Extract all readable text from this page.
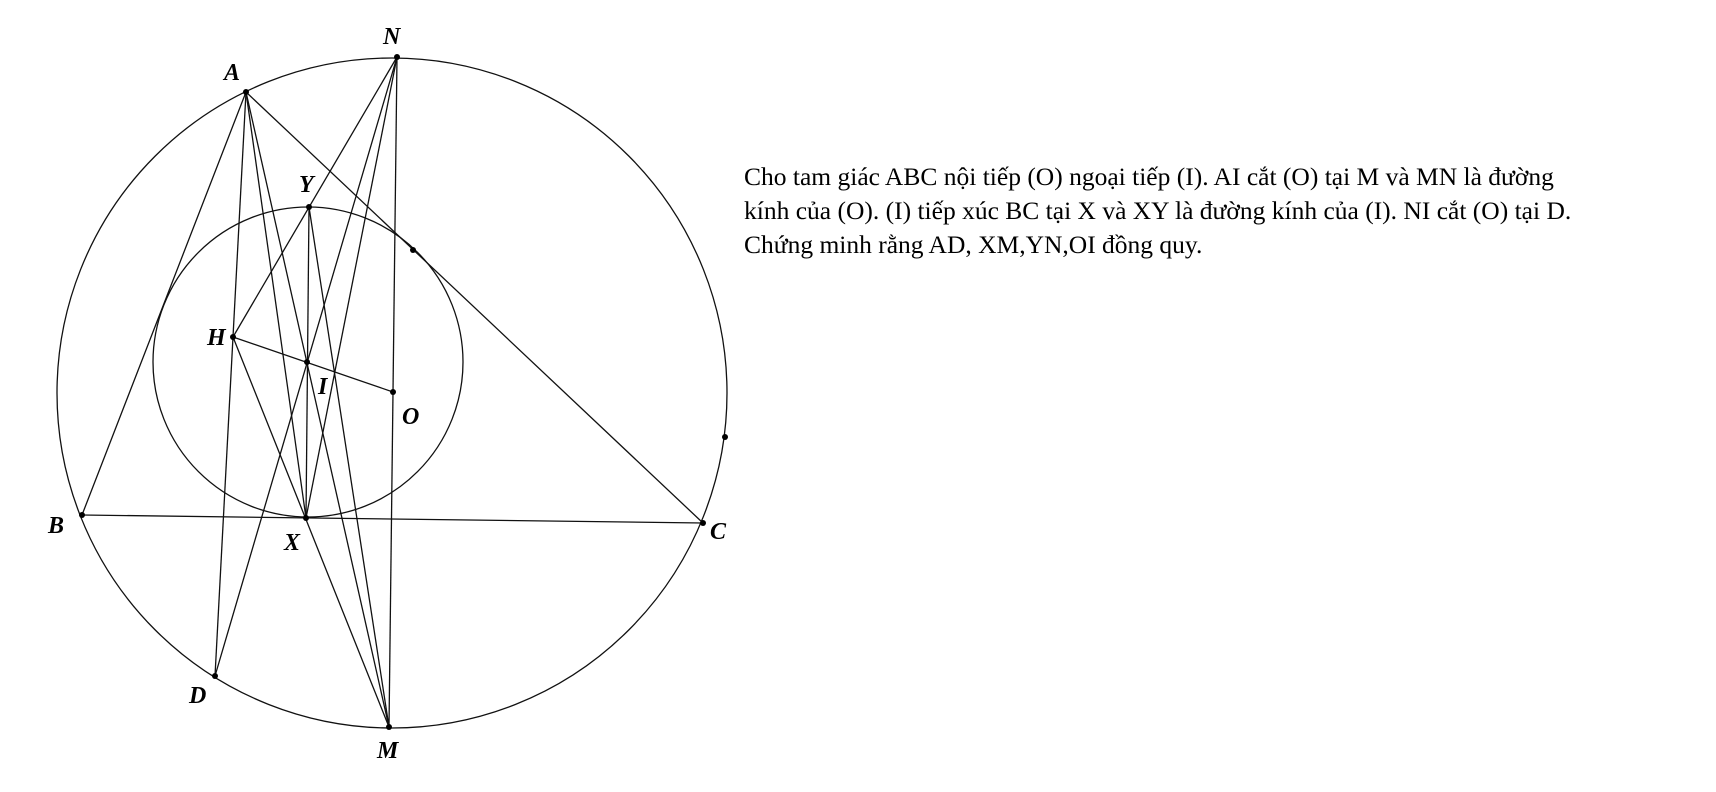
N
A
Y
H
I
O
B
X	C
D
M

Cho tam giác ABC nội tiếp (O) ngoại tiếp (I). AI cắt (O) tại M và MN là đường

kính của (O). (I) tiếp xúc BC tại X và XY là đường kính của (I). NI cắt (O) tại D.

Chứng minh rằng AD, XM,YN,OI đồng quy.
